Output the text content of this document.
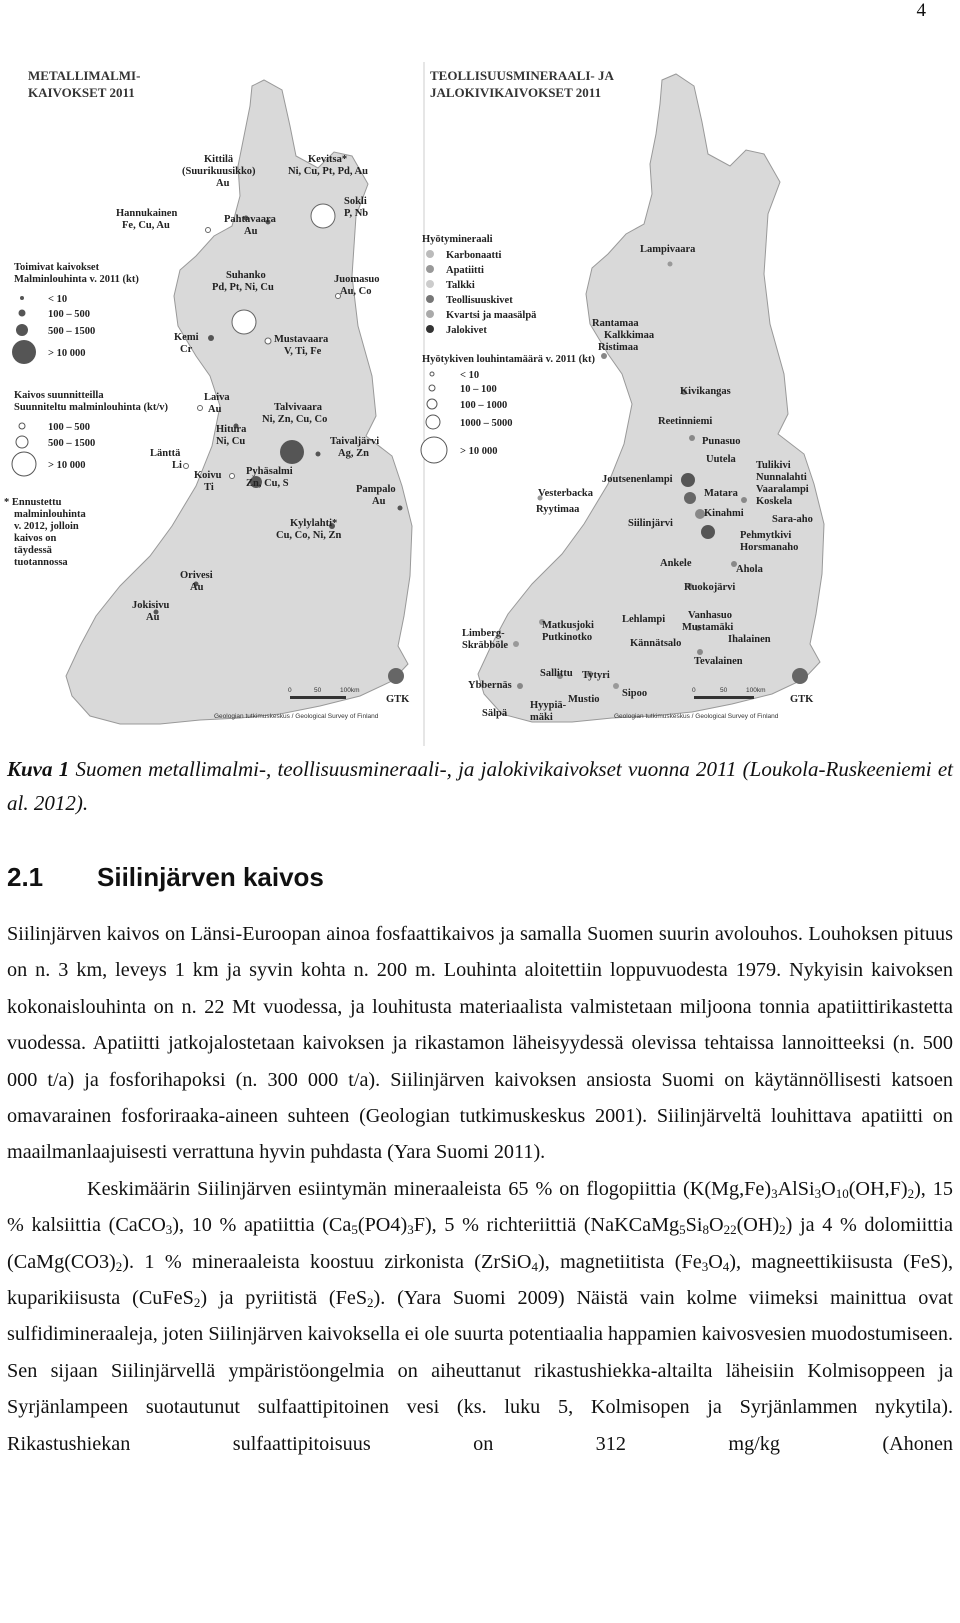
4
METALLIMALMI-
KAIVOKSET 2011
Toimivat kaivokset
Malminlouhinta v. 2011 (kt)
< 10
100 – 500
500 – 1500
> 10 000
Kaivos suunnitteilla
Suunniteltu malminlouhinta (kt/v)
100 – 500
500 – 1500
> 10 000
* Ennustettu
malminlouhinta
v. 2012, jolloin
kaivos on
täydessä
tuotannossa
Kittilä
(Suurikuusikko)
Au
Kevitsa*
Ni, Cu, Pt, Pd, Au
Hannukainen
Fe, Cu, Au
Pahtavaara
Au
Sokli
P, Nb
Suhanko
Pd, Pt, Ni, Cu
Juomasuo
Au, Co
Kemi
Cr
Mustavaara
V, Ti, Fe
Laiva
Au	Talvivaara
Ni, Zn, Cu, Co
Hitura
Ni, Cu	Taivaljärvi
Ag, Zn
Länttä
Li
Koivu
Ti
Pyhäsalmi
Zn, Cu, S
Pampalo
Au
Kylylahti*
Cu, Co, Ni, Zn
Orivesi
Au
Jokisivu
Au
0	50	100km
GTK
Geologian tutkimuskeskus / Geological Survey of Finland
TEOLLISUUSMINERAALI- JA
JALOKIVIKAIVOKSET 2011
Hyötymineraali
Karbonaatti
Apatiitti
Talkki
Teollisuuskivet
Kvartsi ja maasälpä
Jalokivet
Hyötykiven louhintamäärä v. 2011 (kt)
< 10
10 – 100
100 – 1000
1000 – 5000
> 10 000
Lampivaara
Rantamaa
Kalkkimaa
Ristimaa
Kivikangas
Reetinniemi
Punasuo
Uutela
Tulikivi
Nunnalahti
Vaaralampi
Koskela
Sara-aho
Joutsenenlampi
Matara
Kinahmi
Vesterbacka
Ryytimaa
Siilinjärvi
Pehmytkivi
Horsmanaho
Ankele
Ahola
Ruokojärvi
Lehlampi Vanhasuo
Mustamäki
Ihalainen
Limberg-
Skräbböle
Matkusjoki
Putkinotko
Kännätsalo
Tevalainen
Sallittu Tytyri
Ybbernäs
Mustio
Sipoo
Hyypiä-
mäki
Sälpä
0	50	100km
GTK
Geologian tutkimuskeskus / Geological Survey of Finland
Kuva 1 Suomen metallimalmi-, teollisuusmineraali-, ja jalokivikaivokset vuonna 2011 (Loukola-Ruskeeniemi et al. 2012).
2.1 Siilinjärven kaivos

Siilinjärven kaivos on Länsi-Euroopan ainoa fosfaattikaivos ja samalla Suomen suurin avolouhos. Louhoksen pituus on n. 3 km, leveys 1 km ja syvin kohta n. 200 m. Louhinta aloitettiin loppuvuodesta 1979. Nykyisin kaivoksen kokonaislouhinta on n. 22 Mt vuodessa, ja louhitusta materiaalista valmistetaan miljoona tonnia apatiittirikastetta vuodessa. Apatiitti jatkojalostetaan kaivoksen ja rikastamon läheisyydessä olevissa tehtaissa lannoitteeksi (n. 500 000 t/a) ja fosforihapoksi (n. 300 000 t/a). Siilinjärven kaivoksen ansiosta Suomi on käytännöllisesti katsoen omavarainen fosforiraaka-aineen suhteen (Geologian tutkimuskeskus 2001). Siilinjärveltä louhittava apatiitti on maailmanlaajuisesti verrattuna hyvin puhdasta (Yara Suomi 2011).

Keskimäärin Siilinjärven esiintymän mineraaleista 65 % on flogopiittia $(K(Mg,Fe)_3AlSi_3O_{10}(OH,F)_2)$, 15 % kalsiittia (CaCO$_3$), 10 % apatiittia $(Ca_5(PO4)_3F)$, 5 % richteriittiä $(NaKCaMg_5Si_8O_{22}(OH)_2)$ ja 4 % dolomiittia $(CaMg(CO3)_2)$. 1 % mineraaleista koostuu zirkonista (ZrSiO$_4$), magnetiitista $(Fe_3O_4)$, magneettikiisusta (FeS), kuparikiisusta (CuFeS$_2$) ja pyriitistä (FeS$_2$). (Yara Suomi 2009) Näistä vain kolme viimeksi mainittua ovat sulfidimineraaleja, joten Siilinjärven kaivoksella ei ole suurta potentiaalia happamien kaivosvesien muodostumiseen. Sen sijaan Siilinjärvellä ympäristöongelmia on aiheuttanut rikastushiekka-altailta läheisiin Kolmisoppeen ja Syrjänlampeen suotautunut sulfaattipitoinen vesi (ks. luku 5, Kolmisopen ja Syrjänlammen nykytila). Rikastushiekan sulfaattipitoisuus on 312 mg/kg (Ahonen
